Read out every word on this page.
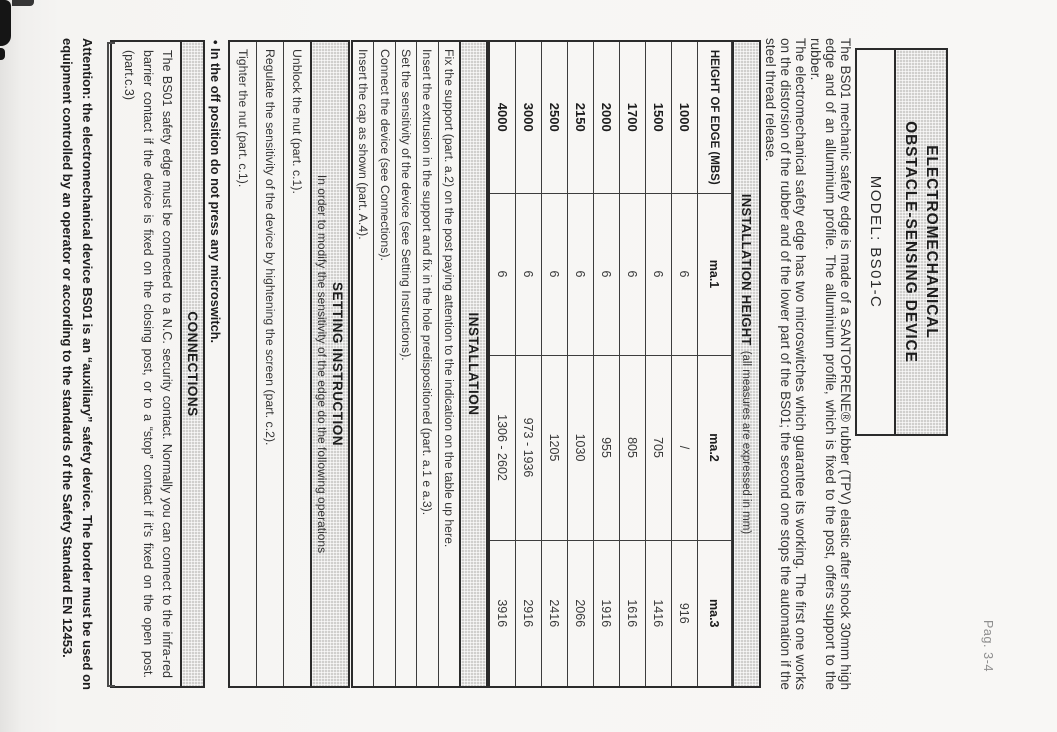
Pag. 3-4
ELECTROMECHANICAL
OBSTACLE-SENSING DEVICE
MODEL: BS01-C

The BS01 mechanic safety edge is made of a SANTOPRENE® rubber (TPV) elastic after shock 30mm high edge and of an alluminium profile. The alluminium profile, which is fixed to the post, offers support to the rubber.

The electromechanical safety edge has two microswitches which guarantee its working. The first one works on the distorsion of the rubber and of the lower part of the BS01; the second one stops the automation if the steel thread release.

INSTALLATION HEIGHT
(all measures are expressed in mm)
HEIGHT OF EDGE (MBS)	ma.1	ma.2	ma.3
1000	6	/	916
1500	6	705	1416
1700	6	805	1616
2000	6	955	1916
2150	6	1030	2066
2500	6	1205	2416
3000	6	973 - 1936	2916
4000	6	1306 - 2602	3916
INSTALLATION
Fix the support (part. a.2) on the post paying attention to the indication on the table up here.
Insert the extrusion in the support and fix in the hole predispositioned (part. a.1 e a.3).
Set the sensitivity of the device (see Setting Instructions).
Connect the device (see Connections).
Insert the cap as shown (part. A.4).
SETTING INSTRUCTION
In order to modify the sensitivity of the edge do the following operations
Unblock the nut (part. c.1).
Regulate the sensitivity of the device by hightening the screen (part. c.2).
Tighter the nut (part. c.1).
• In the off position do not press any microswitch.
CONNECTIONS
The BS01 safety edge must be connected to a N.C. security contact. Normally you can connect to the infra-red barrier contact if the device is fixed on the closing post, or to a “stop” contact if it's fixed on the open post. (part.c.3)
Attention: the electromechanical device BS01 is an “auxiliary” safety device. The border must be used on equipment controlled by an operator or according to the standards of the Safety Standard EN 12453.
